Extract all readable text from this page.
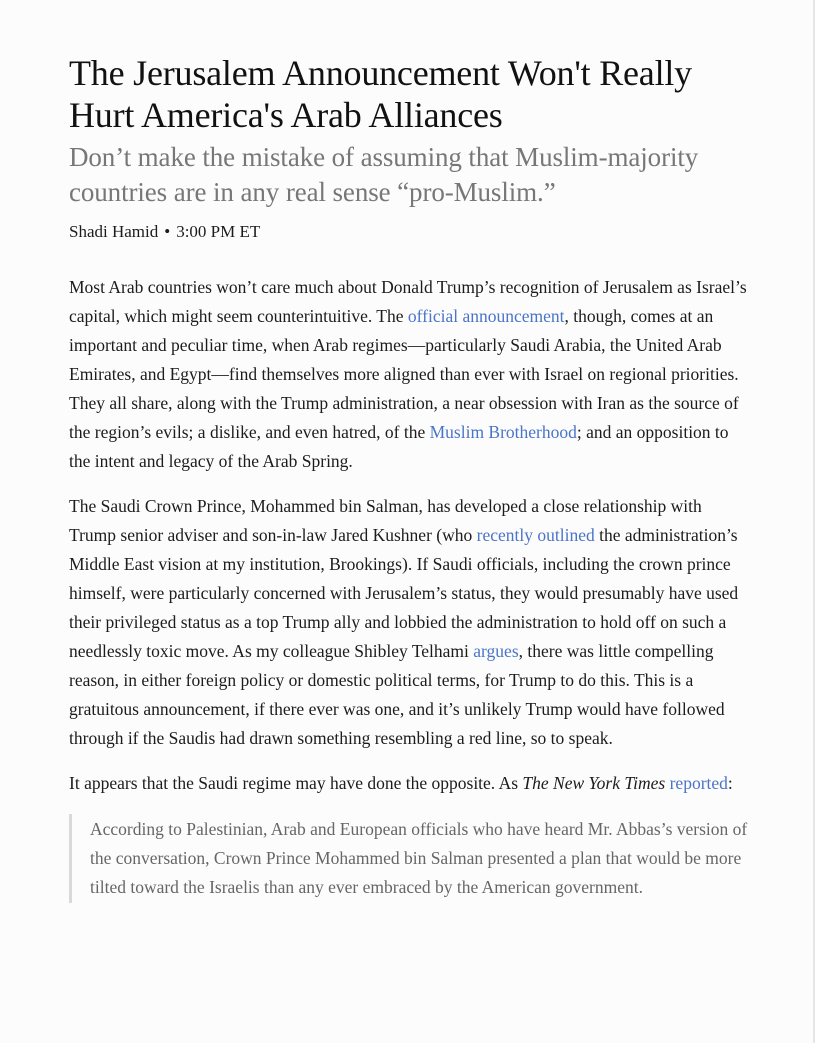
The Jerusalem Announcement Won't Really Hurt America's Arab Alliances
Don’t make the mistake of assuming that Muslim-majority countries are in any real sense “pro-Muslim.”
Shadi Hamid • 3:00 PM ET

Most Arab countries won’t care much about Donald Trump’s recognition of Jerusalem as Israel’s capital, which might seem counterintuitive. The official announcement, though, comes at an important and peculiar time, when Arab regimes—particularly Saudi Arabia, the United Arab Emirates, and Egypt—find themselves more aligned than ever with Israel on regional priorities. They all share, along with the Trump administration, a near obsession with Iran as the source of the region’s evils; a dislike, and even hatred, of the Muslim Brotherhood; and an opposition to the intent and legacy of the Arab Spring.

The Saudi Crown Prince, Mohammed bin Salman, has developed a close relationship with Trump senior adviser and son-in-law Jared Kushner (who recently outlined the administration’s Middle East vision at my institution, Brookings). If Saudi officials, including the crown prince himself, were particularly concerned with Jerusalem’s status, they would presumably have used their privileged status as a top Trump ally and lobbied the administration to hold off on such a needlessly toxic move. As my colleague Shibley Telhami argues, there was little compelling reason, in either foreign policy or domestic political terms, for Trump to do this. This is a gratuitous announcement, if there ever was one, and it’s unlikely Trump would have followed through if the Saudis had drawn something resembling a red line, so to speak.

It appears that the Saudi regime may have done the opposite. As The New York Times reported:

According to Palestinian, Arab and European officials who have heard Mr. Abbas’s version of the conversation, Crown Prince Mohammed bin Salman presented a plan that would be more tilted toward the Israelis than any ever embraced by the American government.
